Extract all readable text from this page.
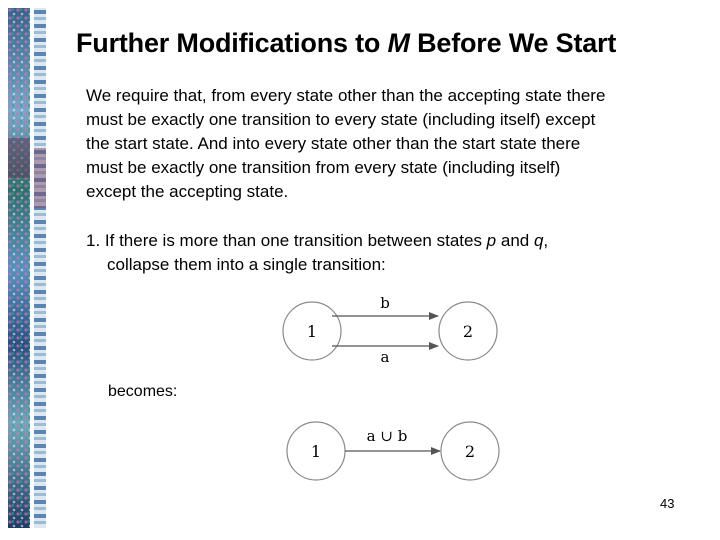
Further Modifications to M Before We Start
We require that, from every state other than the accepting state there
must be exactly one transition to every state (including itself) except
the start state. And into every state other than the start state there
must be exactly one transition from every state (including itself)
except the accepting state.
1. If there is more than one transition between states p and q,
collapse them into a single transition:
1	2
b
a
becomes:
1	2
a ∪ b
43
